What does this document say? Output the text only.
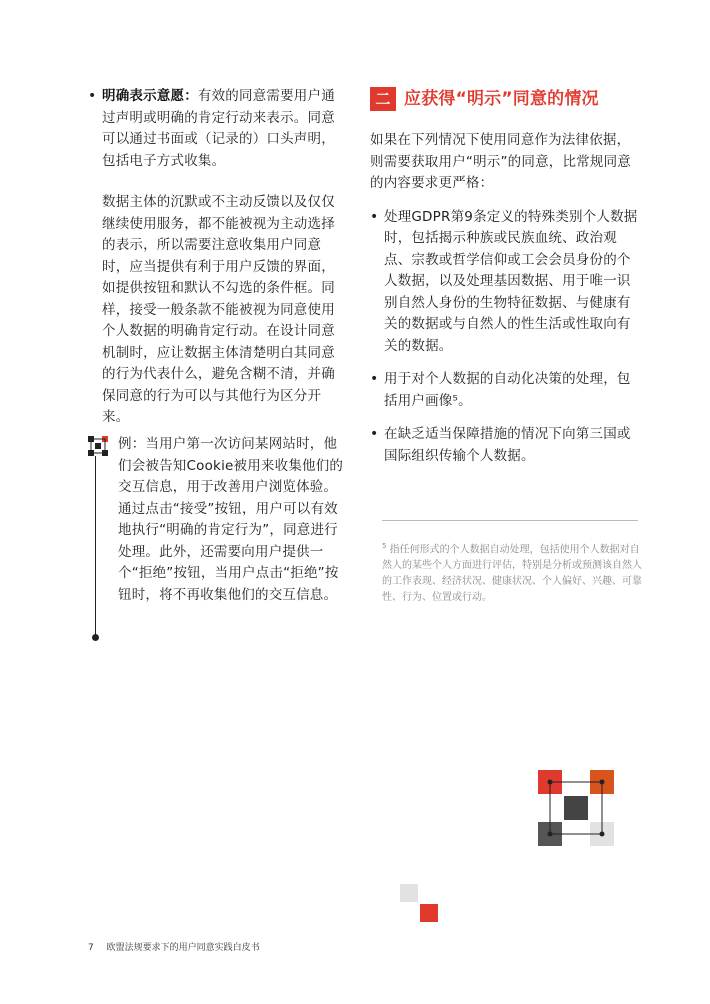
• 明确表示意愿：有效的同意需要用户通过声明或明确的肯定行动来表示。同意可以通过书面或（记录的）口头声明，包括电子方式收集。

数据主体的沉默或不主动反馈以及仅仅继续使用服务，都不能被视为主动选择的表示，所以需要注意收集用户同意时，应当提供有利于用户反馈的界面，如提供按钮和默认不勾选的条件框。同样，接受一般条款不能被视为同意使用个人数据的明确肯定行动。在设计同意机制时，应让数据主体清楚明白其同意的行为代表什么，避免含糊不清，并确保同意的行为可以与其他行为区分开来。

例：当用户第一次访问某网站时，他们会被告知Cookie被用来收集他们的交互信息，用于改善用户浏览体验。通过点击“接受”按钮，用户可以有效地执行“明确的肯定行为”，同意进行处理。此外，还需要向用户提供一个“拒绝”按钮，当用户点击“拒绝”按钮时，将不再收集他们的交互信息。
二 应获得“明示”同意的情况

如果在下列情况下使用同意作为法律依据，则需要获取用户“明示”的同意，比常规同意的内容要求更严格：

• 处理GDPR第9条定义的特殊类别个人数据时，包括揭示种族或民族血统、政治观点、宗教或哲学信仰或工会会员身份的个人数据，以及处理基因数据、用于唯一识别自然人身份的生物特征数据、与健康有关的数据或与自然人的性生活或性取向有关的数据。
• 用于对个人数据的自动化决策的处理，包括用户画像⁵。
• 在缺乏适当保障措施的情况下向第三国或国际组织传输个人数据。
$^5$ 指任何形式的个人数据自动处理，包括使用个人数据对自然人的某些个人方面进行评估，特别是分析或预测该自然人的工作表现、经济状况、健康状况、个人偏好、兴趣、可靠性、行为、位置或行动。
7 欧盟法规要求下的用户同意实践白皮书
